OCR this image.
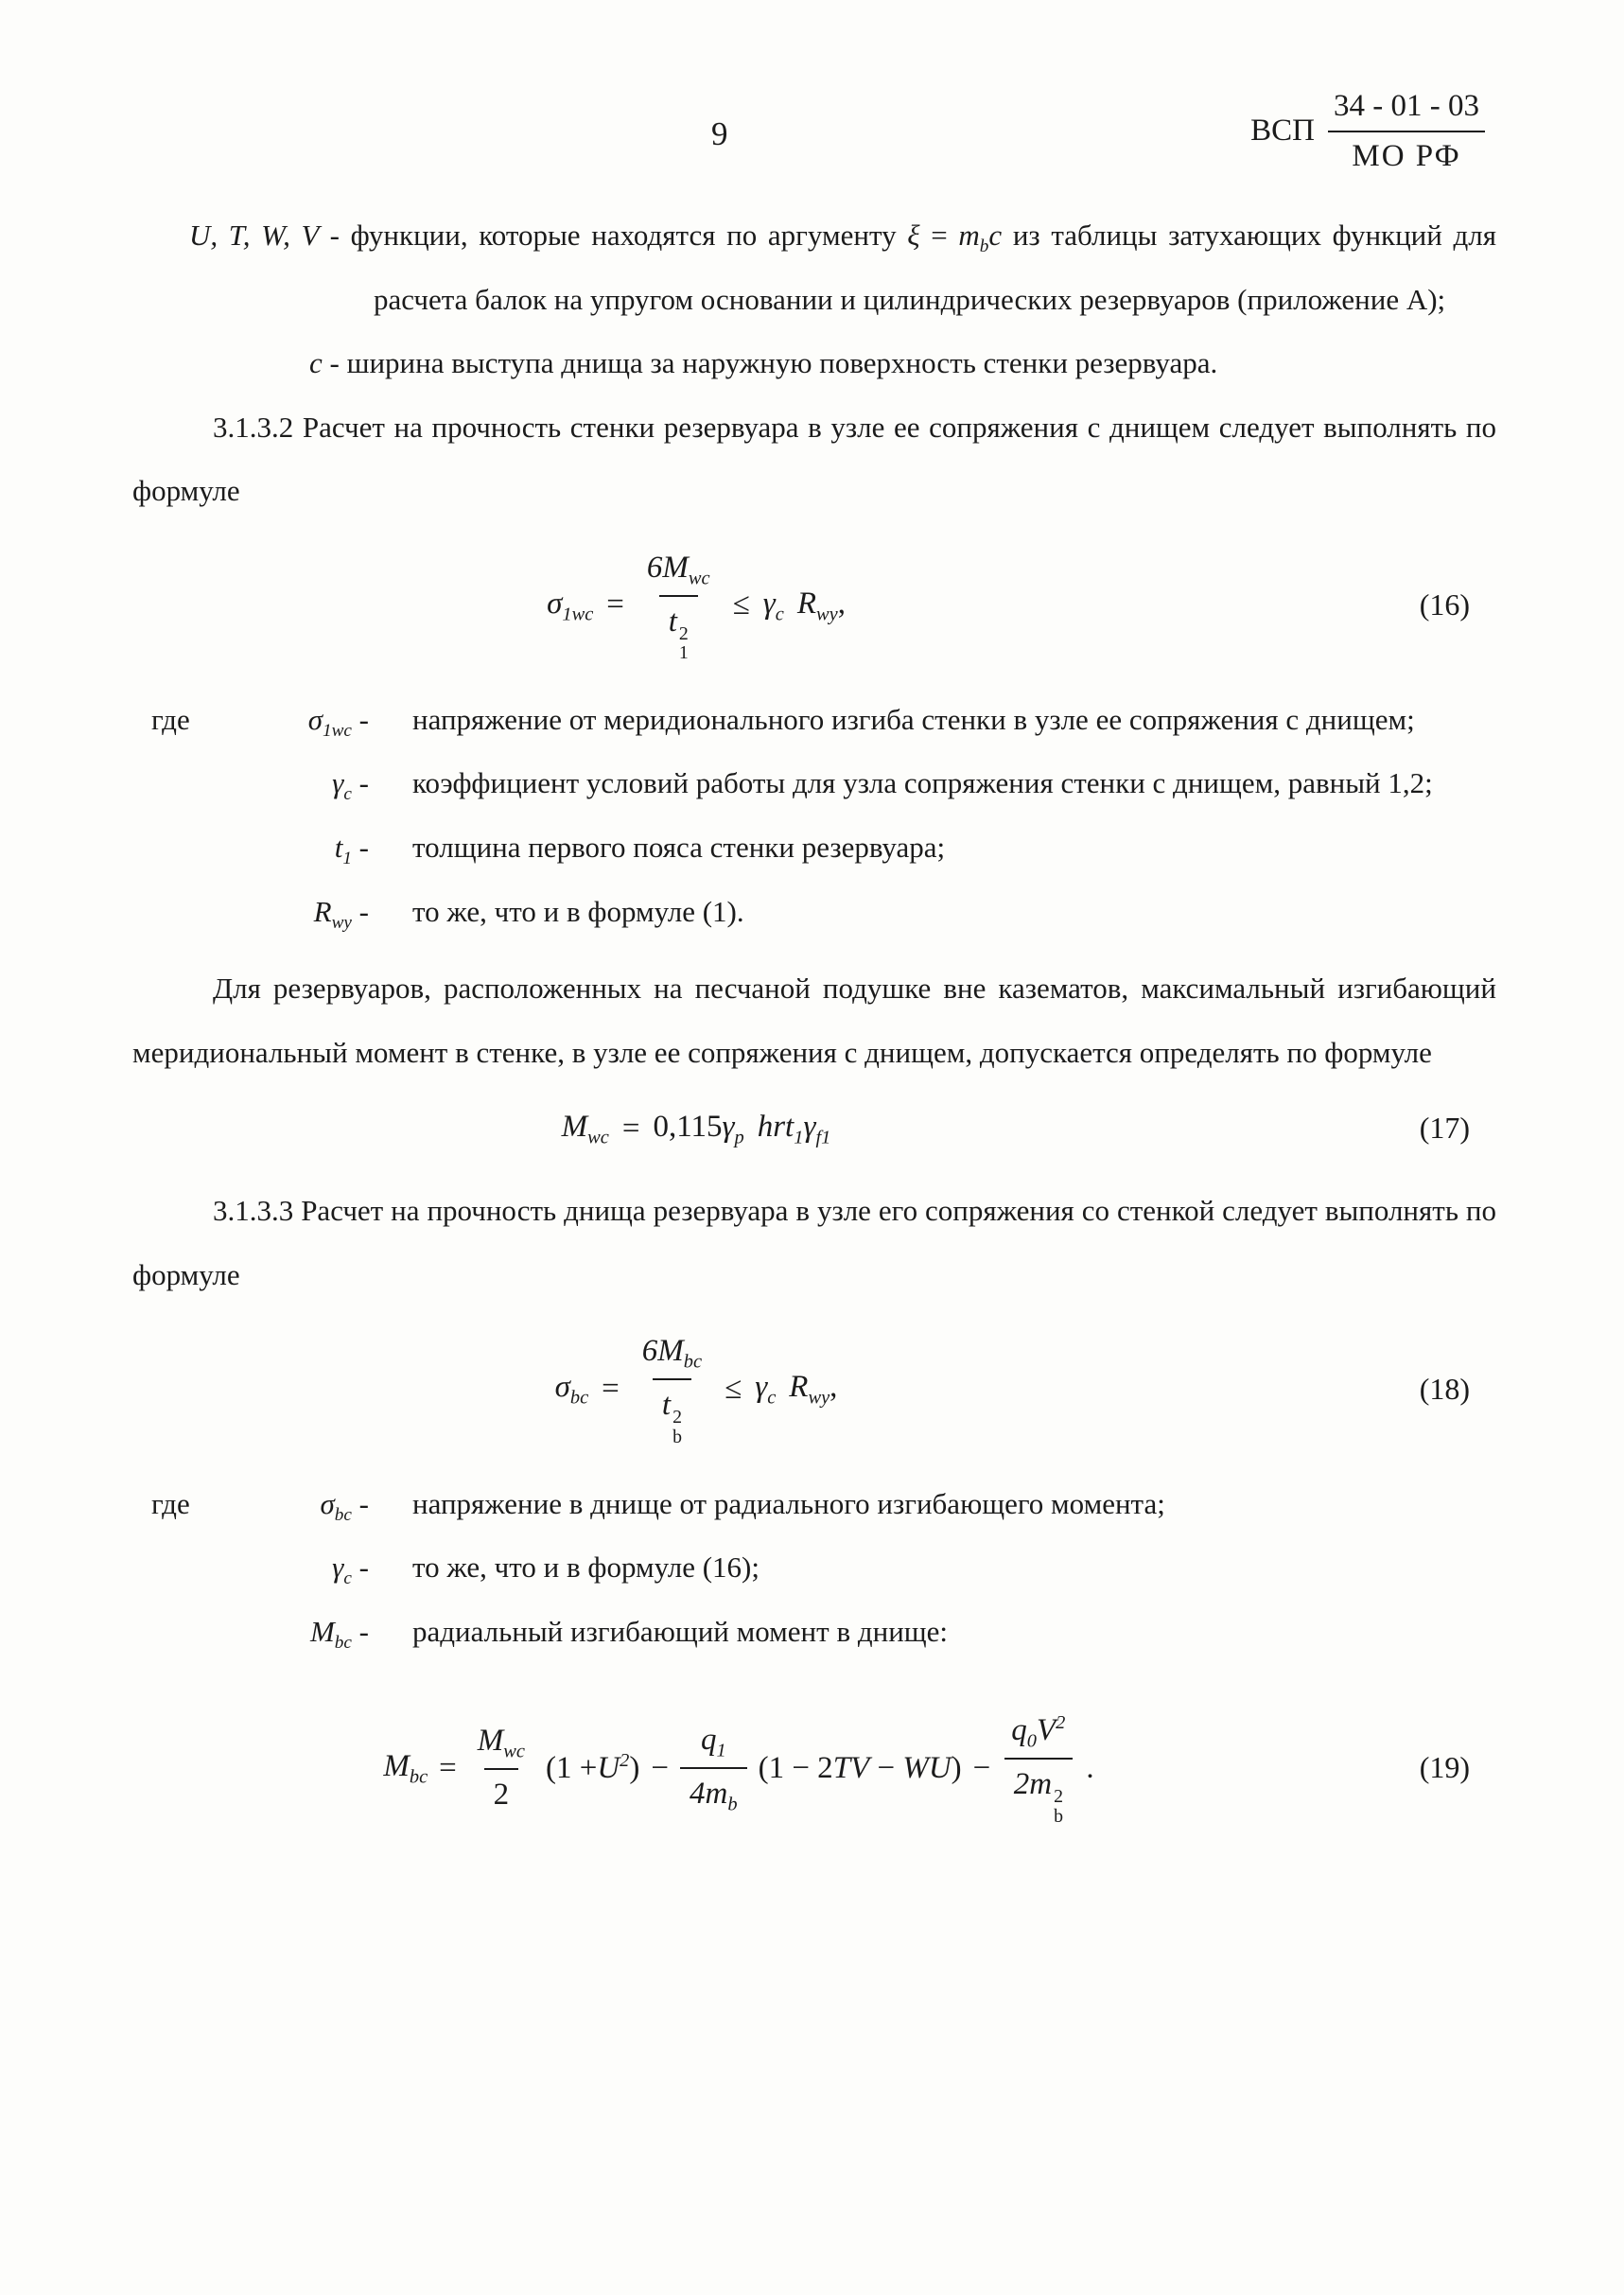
9	ВСП $\frac{34 - 01 - 03}{\text{МО РФ}}$

U, T, W, V - функции, которые находятся по аргументу $\xi = m_bc$ из таблицы затухающих функций для расчета балок на упругом основании и цилиндрических резервуаров (приложение А);

c - ширина выступа днища за наружную поверхность стенки резервуара.

3.1.3.2 Расчет на прочность стенки резервуара в узле ее сопряжения с днищем следует выполнять по формуле

$\sigma_{1wc} = 6M_{wc}$
t 2
$1 \le \gamma_c$ $R_{wy}$,	(16)
где	$\sigma_{1wc}$ - напряжение от меридионального изгиба стенки в узле ее сопряжения с днищем;
$\gamma_c$ - коэффициент условий работы для узла сопряжения стенки с днищем, равный 1,2;
$t_1$ - толщина первого пояса стенки резервуара;
$R_{wy}$ - то же, что и в формуле (1).

Для резервуаров, расположенных на песчаной подушке вне казематов, максимальный изгибающий меридиональный момент в стенке, в узле ее сопряжения с днищем, допускается определять по формуле

$M_{wc} = 0,115\gamma_p$ $hrt_1\gamma_{f1}$	(17)

3.1.3.3 Расчет на прочность днища резервуара в узле его сопряжения со стенкой следует выполнять по формуле

$\sigma_{bc} = 6M_{bc}$
t 2
$b \le \gamma_c$ $R_{wy}$,	(18)
где	$\sigma_{bc}$ - напряжение в днище от радиального изгибающего момента;
$\gamma_c$ - то же, что и в формуле (16);
$M_{bc}$ - радиальный изгибающий момент в днище:
$M_{bc} = \frac{M_{wc}}{2} (1 +U^2) - \frac{q_1}{4m_b} (1 - 2TV - WU) - q_0V^2$
2m 2
b .	(19)
